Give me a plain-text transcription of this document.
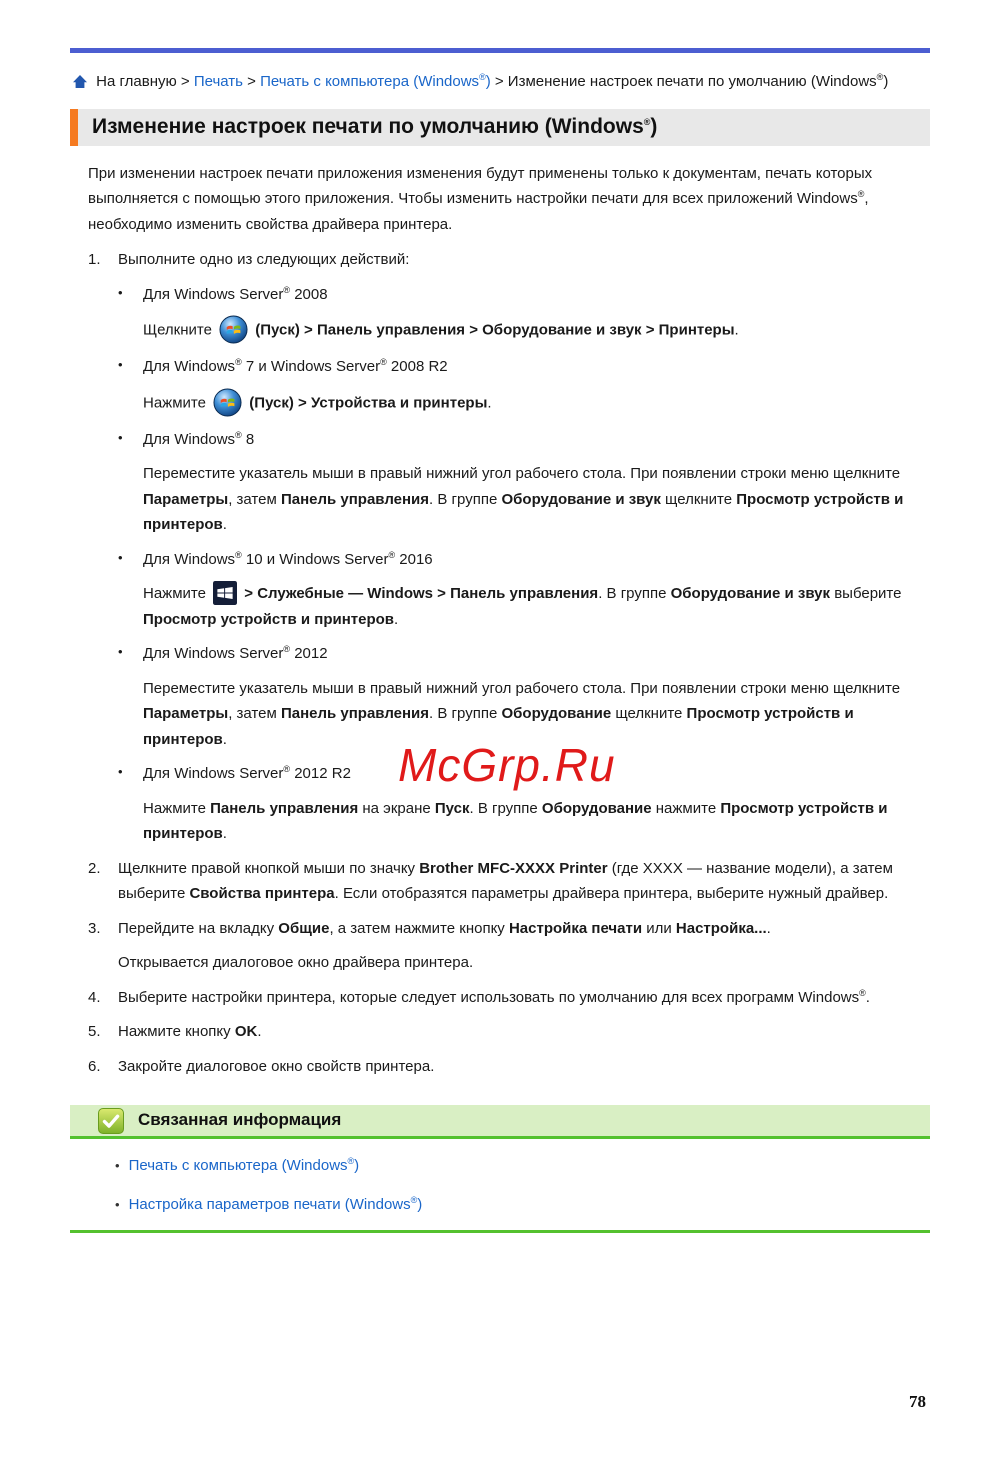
На главную > Печать > Печать с компьютера (Windows®) > Изменение настроек печати по умолчанию (Windows®)
Изменение настроек печати по умолчанию (Windows®)

При изменении настроек печати приложения изменения будут применены только к документам, печать которых выполняется с помощью этого приложения. Чтобы изменить настройки печати для всех приложений Windows®, необходимо изменить свойства драйвера принтера.

1.	Выполните одно из следующих действий:

•	Для Windows Server® 2008

Щелкните	(Пуск) > Панель управления > Оборудование и звук > Принтеры.

•	Для Windows® 7 и Windows Server® 2008 R2

Нажмите	(Пуск) > Устройства и принтеры.

•	Для Windows® 8

Переместите указатель мыши в правый нижний угол рабочего стола. При появлении строки меню щелкните Параметры, затем Панель управления. В группе Оборудование и звук щелкните Просмотр устройств и принтеров.

•	Для Windows® 10 и Windows Server® 2016

Нажмите
> Служебные — Windows > Панель управления. В группе Оборудование и звук выберите Просмотр устройств и принтеров.

•	Для Windows Server® 2012

Переместите указатель мыши в правый нижний угол рабочего стола. При появлении строки меню щелкните Параметры, затем Панель управления. В группе Оборудование щелкните Просмотр устройств и принтеров.

•	Для Windows Server® 2012 R2

Нажмите Панель управления на экране Пуск. В группе Оборудование нажмите Просмотр устройств и принтеров.

2.	Щелкните правой кнопкой мыши по значку Brother MFC-XXXX Printer (где XXXX — название модели), а затем выберите Свойства принтера. Если отобразятся параметры драйвера принтера, выберите нужный драйвер.

3.	Перейдите на вкладку Общие, а затем нажмите кнопку Настройка печати или Настройка....

Открывается диалоговое окно драйвера принтера.

4.	Выберите настройки принтера, которые следует использовать по умолчанию для всех программ Windows®.

5.	Нажмите кнопку OK.

6.	Закройте диалоговое окно свойств принтера.

Связанная информация
• Печать с компьютера (Windows®)
• Настройка параметров печати (Windows®)
McGrp.Ru
78
